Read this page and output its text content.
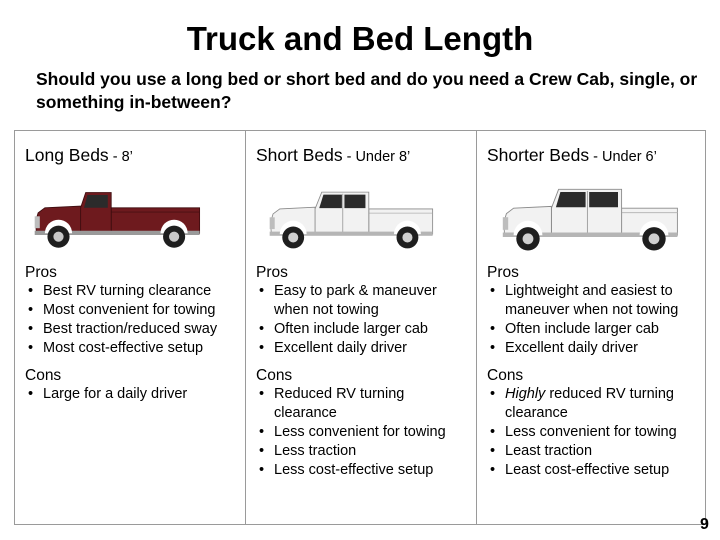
Truck and Bed Length
Should you use a long bed or short bed and do you need a Crew Cab, single, or something in-between?
Long Beds - 8’
Pros
• Best RV turning clearance
• Most convenient for towing
• Best traction/reduced sway
• Most cost-effective setup
Cons
• Large for a daily driver
Short Beds - Under 8’
Pros
• Easy to park & maneuver when not towing
• Often include larger cab
• Excellent daily driver
Cons
• Reduced RV turning clearance
• Less convenient for towing
• Less traction
• Less cost-effective setup
Shorter Beds - Under 6’
Pros
• Lightweight and easiest to maneuver when not towing
• Often include larger cab
• Excellent daily driver
Cons
• Highly reduced RV turning clearance
• Less convenient for towing
• Least traction
• Least cost-effective setup
9
